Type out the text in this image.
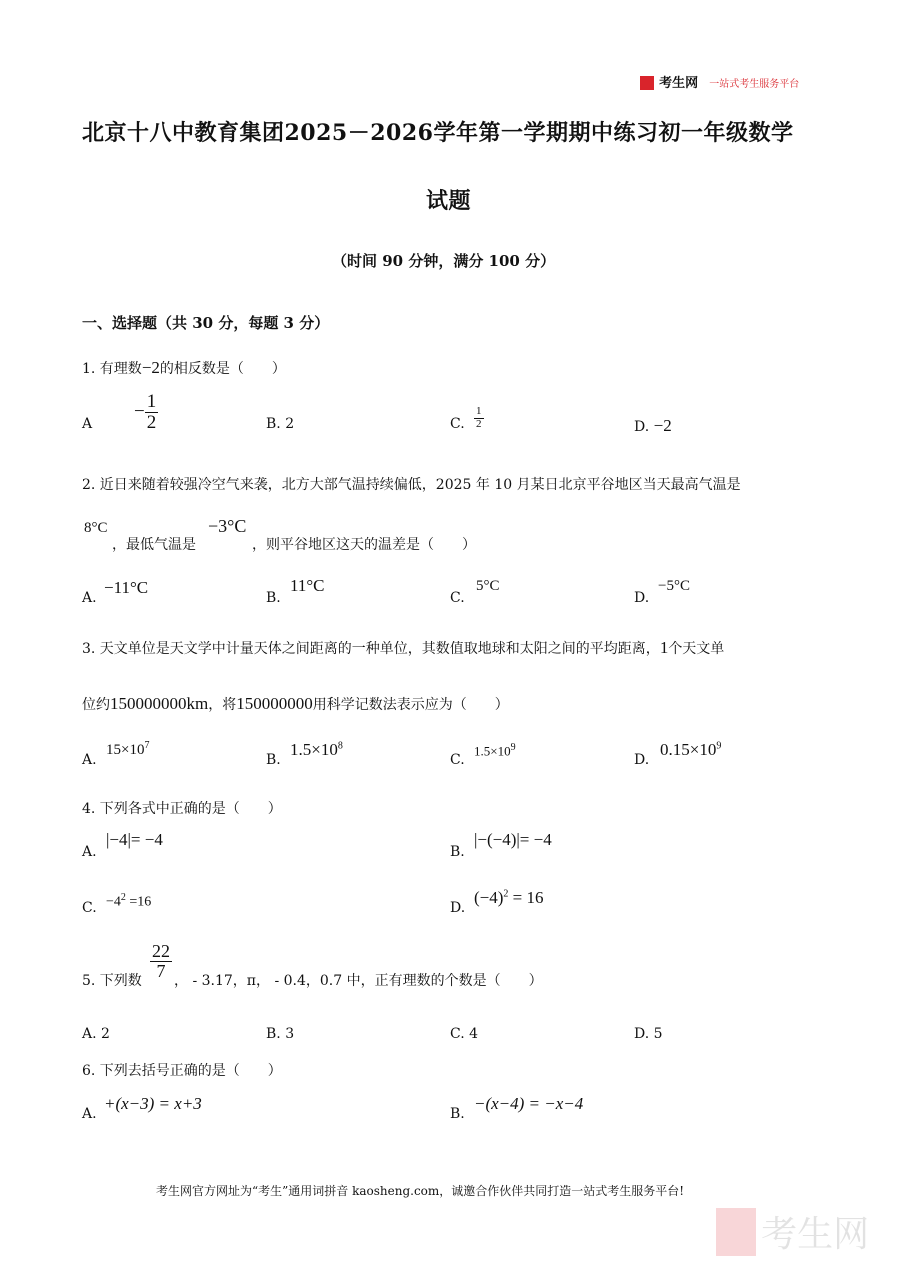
考生网 一站式考生服务平台
北京十八中教育集团2025－2026学年第一学期期中练习初一年级数学
试题
（时间 90 分钟，满分 100 分）
一、选择题（共 30 分，每题 3 分）
1. 有理数−2的相反数是（　　）
A
− $\frac{1}{2}$	B. 2	C. $\frac{1}{2}$	D. −2
2. 近日来随着较强冷空气来袭，北方大部气温持续偏低，2025 年 10 月某日北京平谷地区当天最高气温是
8°C
，最低气温是
−3°C
，则平谷地区这天的温差是（　　）
A.
−11°C
B.
11°C
C.
5°C
D.
−5°C
3. 天文单位是天文学中计量天体之间距离的一种单位，其数值取地球和太阳之间的平均距离，1个天文单
位约150000000km，将150000000用科学记数法表示应为（　　）
A.
$15\times 10^7$
B.
$1.5\times 10^8$
C.
$1.5\times 10^9$
D.
$0.15\times 10^9$
4. 下列各式中正确的是（　　）
A.
|−4|= −4
B.
|−(−4)|= −4
C. $-4^2 =16$	D.
$(-4)^2 = 16$
5. 下列数
$\frac{22}{7}$
， - 3.17，π， - 0.4，0.7 中，正有理数的个数是（　　）
A. 2	B. 3	C. 4	D. 5
6. 下列去括号正确的是（　　）
A.
+(x−3) = x+3
B.
−(x−4) = −x−4
考生网官方网址为“考生”通用词拼音 kaosheng.com，诚邀合作伙伴共同打造一站式考生服务平台!
考生网
